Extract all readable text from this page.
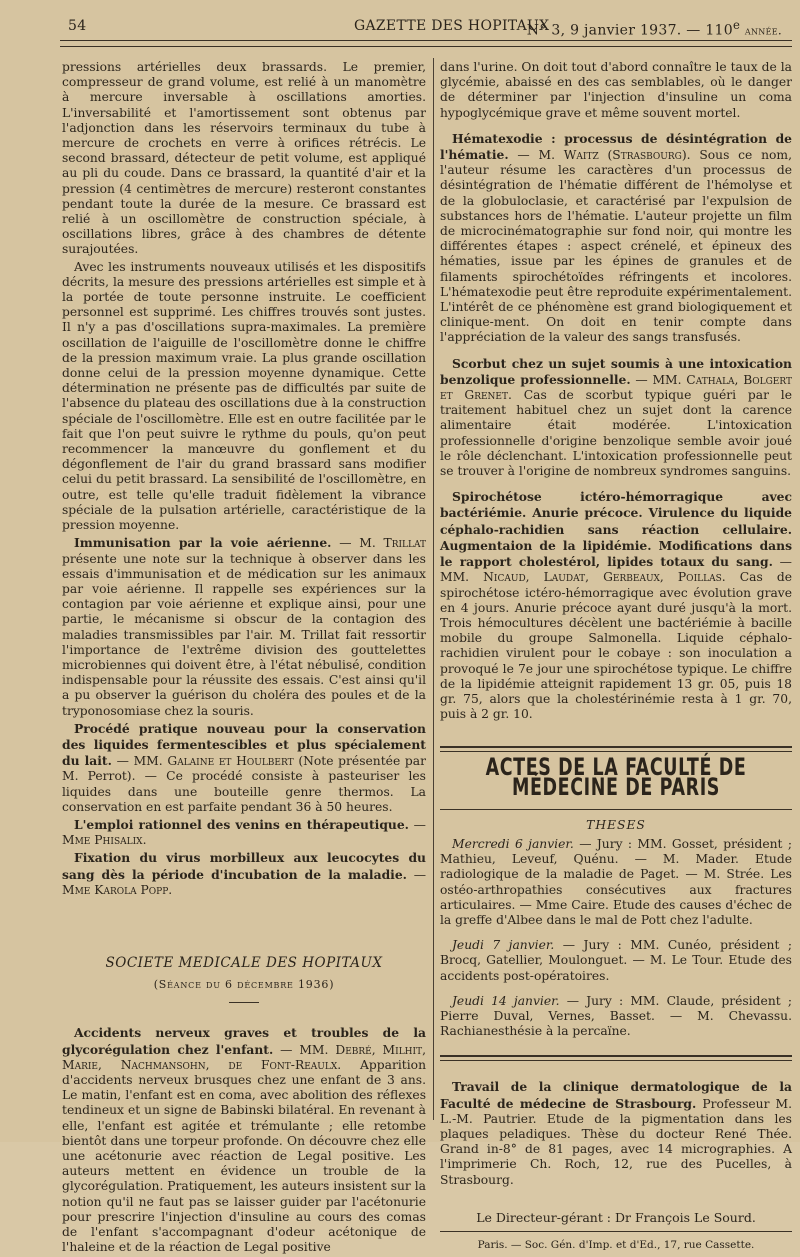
54	GAZETTE DES HOPITAUX
N° 3, 9 janvier 1937. — 110e année.

pressions artérielles deux brassards. Le premier, compresseur de grand volume, est relié à un manomètre à mercure inversable à oscillations amorties. L'inversabilité et l'amortissement sont obtenus par l'adjonction dans les réservoirs terminaux du tube à mercure de crochets en verre à orifices rétrécis. Le second brassard, détecteur de petit volume, est appliqué au pli du coude. Dans ce brassard, la quantité d'air et la pression (4 centimètres de mercure) resteront constantes pendant toute la durée de la mesure. Ce brassard est relié à un oscillomètre de construction spéciale, à oscillations libres, grâce à des chambres de détente surajoutées.

Avec les instruments nouveaux utilisés et les dispositifs décrits, la mesure des pressions artérielles est simple et à la portée de toute personne instruite. Le coefficient personnel est supprimé. Les chiffres trouvés sont justes. Il n'y a pas d'oscillations supra-maximales. La première oscillation de l'aiguille de l'oscillomètre donne le chiffre de la pression maximum vraie. La plus grande oscillation donne celui de la pression moyenne dynamique. Cette détermination ne présente pas de difficultés par suite de l'absence du plateau des oscillations due à la construction spéciale de l'oscillomètre. Elle est en outre facilitée par le fait que l'on peut suivre le rythme du pouls, qu'on peut recommencer la manœuvre du gonflement et du dégonflement de l'air du grand brassard sans modifier celui du petit brassard. La sensibilité de l'oscillomètre, en outre, est telle qu'elle traduit fidèlement la vibrance spéciale de la pulsation artérielle, caractéristique de la pression moyenne.

Immunisation par la voie aérienne. — M. Trillat présente une note sur la technique à observer dans les essais d'immunisation et de médication sur les animaux par voie aérienne. Il rappelle ses expériences sur la contagion par voie aérienne et explique ainsi, pour une partie, le mécanisme si obscur de la contagion des maladies transmissibles par l'air. M. Trillat fait ressortir l'importance de l'extrême division des gouttelettes microbiennes qui doivent être, à l'état nébulisé, condition indispensable pour la réussite des essais. C'est ainsi qu'il a pu observer la guérison du choléra des poules et de la tryponosomiase chez la souris.

Procédé pratique nouveau pour la conservation des liquides fermentescibles et plus spécialement du lait. — MM. Galaine et Houlbert (Note présentée par M. Perrot). — Ce procédé consiste à pasteuriser les liquides dans une bouteille genre thermos. La conservation en est parfaite pendant 36 à 50 heures.

L'emploi rationnel des venins en thérapeutique. — Mme Phisalix.

Fixation du virus morbilleux aux leucocytes du sang dès la période d'incubation de la maladie. — Mme Karola Popp.

SOCIETE MEDICALE DES HOPITAUX
(Séance du 6 décembre 1936)

Accidents nerveux graves et troubles de la glycorégulation chez l'enfant. — MM. Debré, Milhit, Marie, Nachmansohn, de Font-Reaulx. Apparition d'accidents nerveux brusques chez une enfant de 3 ans. Le matin, l'enfant est en coma, avec abolition des réflexes tendineux et un signe de Babinski bilatéral. En revenant à elle, l'enfant est agitée et trémulante ; elle retombe bientôt dans une torpeur profonde. On découvre chez elle une acétonurie avec réaction de Legal positive. Les auteurs mettent en évidence un trouble de la glycorégulation. Pratiquement, les auteurs insistent sur la notion qu'il ne faut pas se laisser guider par l'acétonurie pour prescrire l'injection d'insuline au cours des comas de l'enfant s'accompagnant d'odeur acétonique de l'haleine et de la réaction de Legal positive

dans l'urine. On doit tout d'abord connaître le taux de la glycémie, abaissé en des cas semblables, où le danger de déterminer par l'injection d'insuline un coma hypoglycémique grave et même souvent mortel.

Hématexodie : processus de désintégration de l'hématie. — M. Waitz (Strasbourg). Sous ce nom, l'auteur résume les caractères d'un processus de désintégration de l'hématie différent de l'hémolyse et de la globuloclasie, et caractérisé par l'expulsion de substances hors de l'hématie. L'auteur projette un film de microcinématographie sur fond noir, qui montre les différentes étapes : aspect crénelé, et épineux des hématies, issue par les épines de granules et de filaments spirochétoïdes réfringents et incolores. L'hématexodie peut être reproduite expérimentalement. L'intérêt de ce phénomène est grand biologiquement et clinique-ment. On doit en tenir compte dans l'appréciation de la valeur des sangs transfusés.

Scorbut chez un sujet soumis à une intoxication benzolique professionnelle. — MM. Cathala, Bolgert et Grenet. Cas de scorbut typique guéri par le traitement habituel chez un sujet dont la carence alimentaire était modérée. L'intoxication professionnelle d'origine benzolique semble avoir joué le rôle déclenchant. L'intoxication professionnelle peut se trouver à l'origine de nombreux syndromes sanguins.

Spirochétose ictéro-hémorragique avec bactériémie. Anurie précoce. Virulence du liquide céphalo-rachidien sans réaction cellulaire. Augmentaion de la lipidémie. Modifications dans le rapport cholestérol, lipides totaux du sang. — MM. Nicaud, Laudat, Gerbeaux, Poillas. Cas de spirochétose ictéro-hémorragique avec évolution grave en 4 jours. Anurie précoce ayant duré jusqu'à la mort. Trois hémocultures décèlent une bactériémie à bacille mobile du groupe Salmonella. Liquide céphalo-rachidien virulent pour le cobaye : son inoculation a provoqué le 7e jour une spirochétose typique. Le chiffre de la lipidémie atteignit rapidement 13 gr. 05, puis 18 gr. 75, alors que la cholestérinémie resta à 1 gr. 70, puis à 2 gr. 10.

ACTES DE LA FACULTÉ DE MÉDECINE DE PARIS
THESES

Mercredi 6 janvier. — Jury : MM. Gosset, président ; Mathieu, Leveuf, Quénu. — M. Mader. Etude radiologique de la maladie de Paget. — M. Strée. Les ostéo-arthropathies consécutives aux fractures articulaires. — Mme Caire. Etude des causes d'échec de la greffe d'Albee dans le mal de Pott chez l'adulte.

Jeudi 7 janvier. — Jury : MM. Cunéo, président ; Brocq, Gatellier, Moulonguet. — M. Le Tour. Etude des accidents post-opératoires.

Jeudi 14 janvier. — Jury : MM. Claude, président ; Pierre Duval, Vernes, Basset. — M. Chevassu. Rachianesthésie à la percaïne.

Travail de la clinique dermatologique de la Faculté de médecine de Strasbourg. Professeur M. L.-M. Pautrier. Etude de la pigmentation dans les plaques peladiques. Thèse du docteur René Thée. Grand in-8° de 81 pages, avec 14 micrographies. A l'imprimerie Ch. Roch, 12, rue des Pucelles, à Strasbourg.

Le Directeur-gérant : Dr François Le Sourd.
Paris. — Soc. Gén. d'Imp. et d'Ed., 17, rue Cassette.
